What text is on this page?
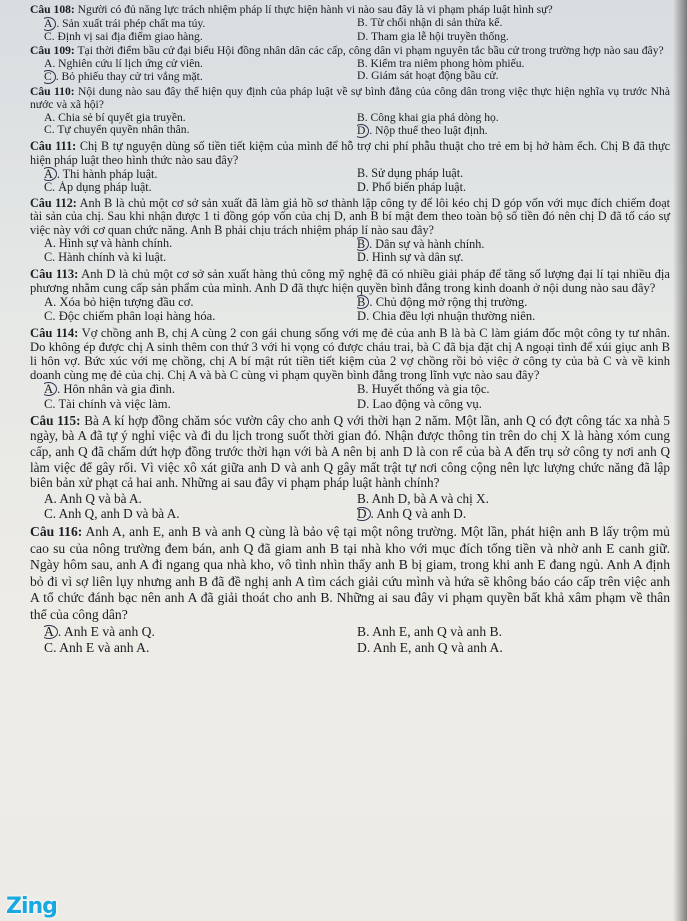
Câu 108: Người có đủ năng lực trách nhiệm pháp lí thực hiện hành vi nào sau đây là vi phạm pháp luật hình sự?

A . Sản xuất trái phép chất ma túy.	B. Từ chối nhận di sản thừa kế.
C. Định vị sai địa điểm giao hàng.	D. Tham gia lễ hội truyền thống.

Câu 109: Tại thời điểm bầu cử đại biểu Hội đồng nhân dân các cấp, công dân vi phạm nguyên tắc bầu cử trong trường hợp nào sau đây?

A. Nghiên cứu lí lịch ứng cử viên.	B. Kiểm tra niêm phong hòm phiếu.
C . Bỏ phiếu thay cử tri vắng mặt.	D. Giám sát hoạt động bầu cử.

Câu 110: Nội dung nào sau đây thể hiện quy định của pháp luật về sự bình đẳng của công dân trong việc thực hiện nghĩa vụ trước Nhà nước và xã hội?

A. Chia sẻ bí quyết gia truyền.	B. Công khai gia phả dòng họ.
C. Tự chuyển quyền nhân thân.	D . Nộp thuế theo luật định.

Câu 111: Chị B tự nguyện dùng số tiền tiết kiệm của mình để hỗ trợ chi phí phẫu thuật cho trẻ em bị hở hàm ếch. Chị B đã thực hiện pháp luật theo hình thức nào sau đây?

A . Thi hành pháp luật.	B. Sử dụng pháp luật.
C. Áp dụng pháp luật.	D. Phổ biến pháp luật.

Câu 112: Anh B là chủ một cơ sở sản xuất đã làm giả hồ sơ thành lập công ty để lôi kéo chị D góp vốn với mục đích chiếm đoạt tài sản của chị. Sau khi nhận được 1 tỉ đồng góp vốn của chị D, anh B bí mật đem theo toàn bộ số tiền đó nên chị D đã tố cáo sự việc này với cơ quan chức năng. Anh B phải chịu trách nhiệm pháp lí nào sau đây?

A. Hình sự và hành chính.	B . Dân sự và hành chính.
C. Hành chính và kỉ luật.	D. Hình sự và dân sự.

Câu 113: Anh D là chủ một cơ sở sản xuất hàng thủ công mỹ nghệ đã có nhiều giải pháp để tăng số lượng đại lí tại nhiều địa phương nhằm cung cấp sản phẩm của mình. Anh D đã thực hiện quyền bình đẳng trong kinh doanh ở nội dung nào sau đây?

A. Xóa bỏ hiện tượng đầu cơ.	B . Chủ động mở rộng thị trường.
C. Độc chiếm phân loại hàng hóa.	D. Chia đều lợi nhuận thường niên.

Câu 114: Vợ chồng anh B, chị A cùng 2 con gái chung sống với mẹ đẻ của anh B là bà C làm giám đốc một công ty tư nhân. Do không ép được chị A sinh thêm con thứ 3 với hi vọng có được cháu trai, bà C đã bịa đặt chị A ngoại tình để xúi giục anh B li hôn vợ. Bức xúc với mẹ chồng, chị A bí mật rút tiền tiết kiệm của 2 vợ chồng rồi bỏ việc ở công ty của bà C và về kinh doanh cùng mẹ đẻ của chị. Chị A và bà C cùng vi phạm quyền bình đẳng trong lĩnh vực nào sau đây?

A . Hôn nhân và gia đình.	B. Huyết thống và gia tộc.
C. Tài chính và việc làm.	D. Lao động và công vụ.

Câu 115: Bà A kí hợp đồng chăm sóc vườn cây cho anh Q với thời hạn 2 năm. Một lần, anh Q có đợt công tác xa nhà 5 ngày, bà A đã tự ý nghỉ việc và đi du lịch trong suốt thời gian đó. Nhận được thông tin trên do chị X là hàng xóm cung cấp, anh Q đã chấm dứt hợp đồng trước thời hạn với bà A nên bị anh D là con rể của bà A đến trụ sở công ty nơi anh Q làm việc để gây rối. Vì việc xô xát giữa anh D và anh Q gây mất trật tự nơi công cộng nên lực lượng chức năng đã lập biên bản xử phạt cả hai anh. Những ai sau đây vi phạm pháp luật hành chính?

A. Anh Q và bà A.	B. Anh D, bà A và chị X.
C. Anh Q, anh D và bà A.	D . Anh Q và anh D.

Câu 116: Anh A, anh E, anh B và anh Q cùng là bảo vệ tại một nông trường. Một lần, phát hiện anh B lấy trộm mủ cao su của nông trường đem bán, anh Q đã giam anh B tại nhà kho với mục đích tống tiền và nhờ anh E canh giữ. Ngày hôm sau, anh A đi ngang qua nhà kho, vô tình nhìn thấy anh B bị giam, trong khi anh E đang ngủ. Anh A định bỏ đi vì sợ liên lụy nhưng anh B đã đề nghị anh A tìm cách giải cứu mình và hứa sẽ không báo cáo cấp trên việc anh A tổ chức đánh bạc nên anh A đã giải thoát cho anh B. Những ai sau đây vi phạm quyền bất khả xâm phạm về thân thể của công dân?

A . Anh E và anh Q.	B. Anh E, anh Q và anh B.
C. Anh E và anh A.	D. Anh E, anh Q và anh A.
Zing
